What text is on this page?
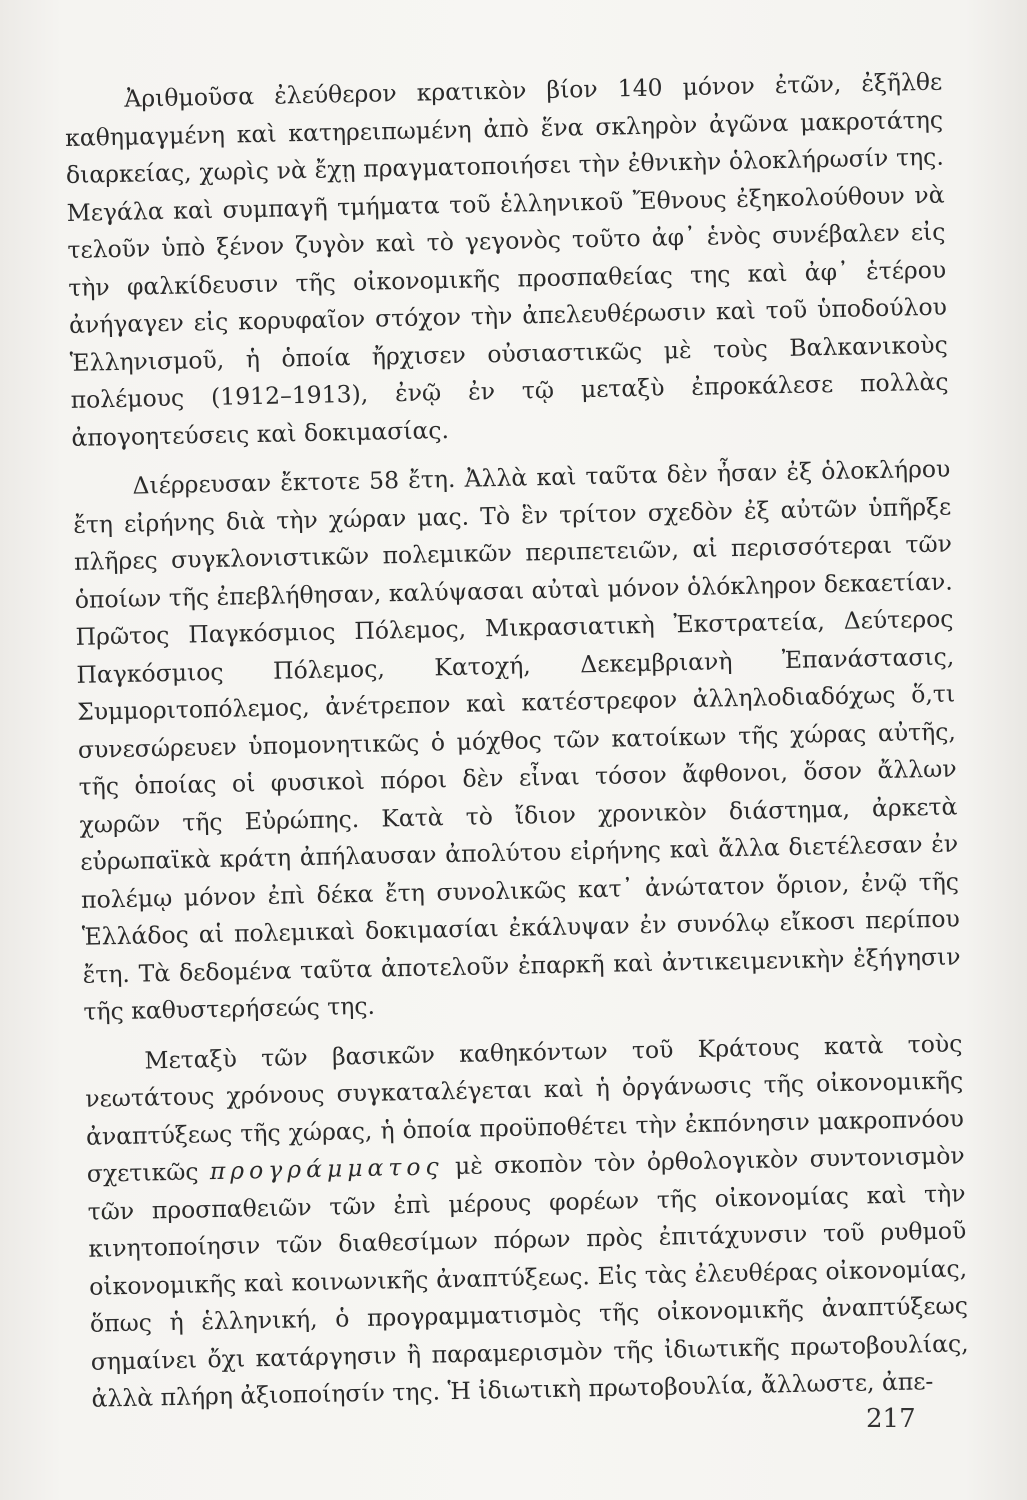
Ἀριθμοῦσα ἐλεύθερον κρατικὸν βίον 140 μόνον ἐτῶν, ἐξῆλθε καθημαγμένη καὶ κατηρειπωμένη ἀπὸ ἕνα σκληρὸν ἀγῶνα μακροτάτης διαρκείας, χωρὶς νὰ ἔχῃ πραγματοποιήσει τὴν ἐθνικὴν ὁλοκλήρωσίν της. Μεγάλα καὶ συμπαγῆ τμήματα τοῦ ἑλληνικοῦ Ἔθνους ἐξηκολούθουν νὰ τελοῦν ὑπὸ ξένον ζυγὸν καὶ τὸ γεγονὸς τοῦτο ἀφ᾽ ἑνὸς συνέβαλεν εἰς τὴν φαλκίδευσιν τῆς οἰκονομικῆς προσπαθείας της καὶ ἀφ᾽ ἑτέρου ἀνήγαγεν εἰς κορυφαῖον στόχον τὴν ἀπελευθέρωσιν καὶ τοῦ ὑποδούλου Ἑλληνισμοῦ, ἡ ὁποία ἤρχισεν οὐσιαστικῶς μὲ τοὺς Βαλκανικοὺς πολέμους (1912–1913), ἐνῷ ἐν τῷ μεταξὺ ἐπροκάλεσε πολλὰς ἀπογοητεύσεις καὶ δοκιμασίας.

Διέρρευσαν ἔκτοτε 58 ἔτη. Ἀλλὰ καὶ ταῦτα δὲν ἦσαν ἐξ ὁλοκλήρου ἔτη εἰρήνης διὰ τὴν χώραν μας. Τὸ ἓν τρίτον σχεδὸν ἐξ αὐτῶν ὑπῆρξε πλῆρες συγκλονιστικῶν πολεμικῶν περιπετειῶν, αἱ περισσότεραι τῶν ὁποίων τῆς ἐπεβλήθησαν, καλύψασαι αὐταὶ μόνον ὁλόκληρον δεκαετίαν. Πρῶτος Παγκόσμιος Πόλεμος, Μικρασιατικὴ Ἐκστρατεία, Δεύτερος Παγκόσμιος Πόλεμος, Κατοχή, Δεκεμβριανὴ Ἐπανάστασις, Συμμοριτοπόλεμος, ἀνέτρεπον καὶ κατέστρεφον ἀλληλοδιαδόχως ὅ,τι συνεσώρευεν ὑπομονητικῶς ὁ μόχθος τῶν κατοίκων τῆς χώρας αὐτῆς, τῆς ὁποίας οἱ φυσικοὶ πόροι δὲν εἶναι τόσον ἄφθονοι, ὅσον ἄλλων χωρῶν τῆς Εὐρώπης. Κατὰ τὸ ἴδιον χρονικὸν διάστημα, ἀρκετὰ εὐρωπαϊκὰ κράτη ἀπήλαυσαν ἀπολύτου εἰρήνης καὶ ἄλλα διετέλεσαν ἐν πολέμῳ μόνον ἐπὶ δέκα ἔτη συνολικῶς κατ᾽ ἀνώτατον ὅριον, ἐνῷ τῆς Ἑλλάδος αἱ πολεμικαὶ δοκιμασίαι ἐκάλυψαν ἐν συνόλῳ εἴκοσι περίπου ἔτη. Τὰ δεδομένα ταῦτα ἀποτελοῦν ἐπαρκῆ καὶ ἀντικειμενικὴν ἐξήγησιν τῆς καθυστερήσεώς της.

Μεταξὺ τῶν βασικῶν καθηκόντων τοῦ Κράτους κατὰ τοὺς νεωτάτους χρόνους συγκαταλέγεται καὶ ἡ ὀργάνωσις τῆς οἰκονομικῆς ἀναπτύξεως τῆς χώρας, ἡ ὁποία προϋποθέτει τὴν ἐκπόνησιν μακροπνόου σχετικῶς προγράμματος μὲ σκοπὸν τὸν ὀρθολογικὸν συντονισμὸν τῶν προσπαθειῶν τῶν ἐπὶ μέρους φορέων τῆς οἰκονομίας καὶ τὴν κινητοποίησιν τῶν διαθεσίμων πόρων πρὸς ἐπιτάχυνσιν τοῦ ρυθμοῦ οἰκονομικῆς καὶ κοινωνικῆς ἀναπτύξεως. Εἰς τὰς ἐλευθέρας οἰκονομίας, ὅπως ἡ ἑλληνική, ὁ προγραμματισμὸς τῆς οἰκονομικῆς ἀναπτύξεως σημαίνει ὄχι κατάργησιν ἢ παραμερισμὸν τῆς ἰδιωτικῆς πρωτοβουλίας, ἀλλὰ πλήρη ἀξιοποίησίν της. Ἡ ἰδιωτικὴ πρωτοβουλία, ἄλλωστε, ἀπε-

217
